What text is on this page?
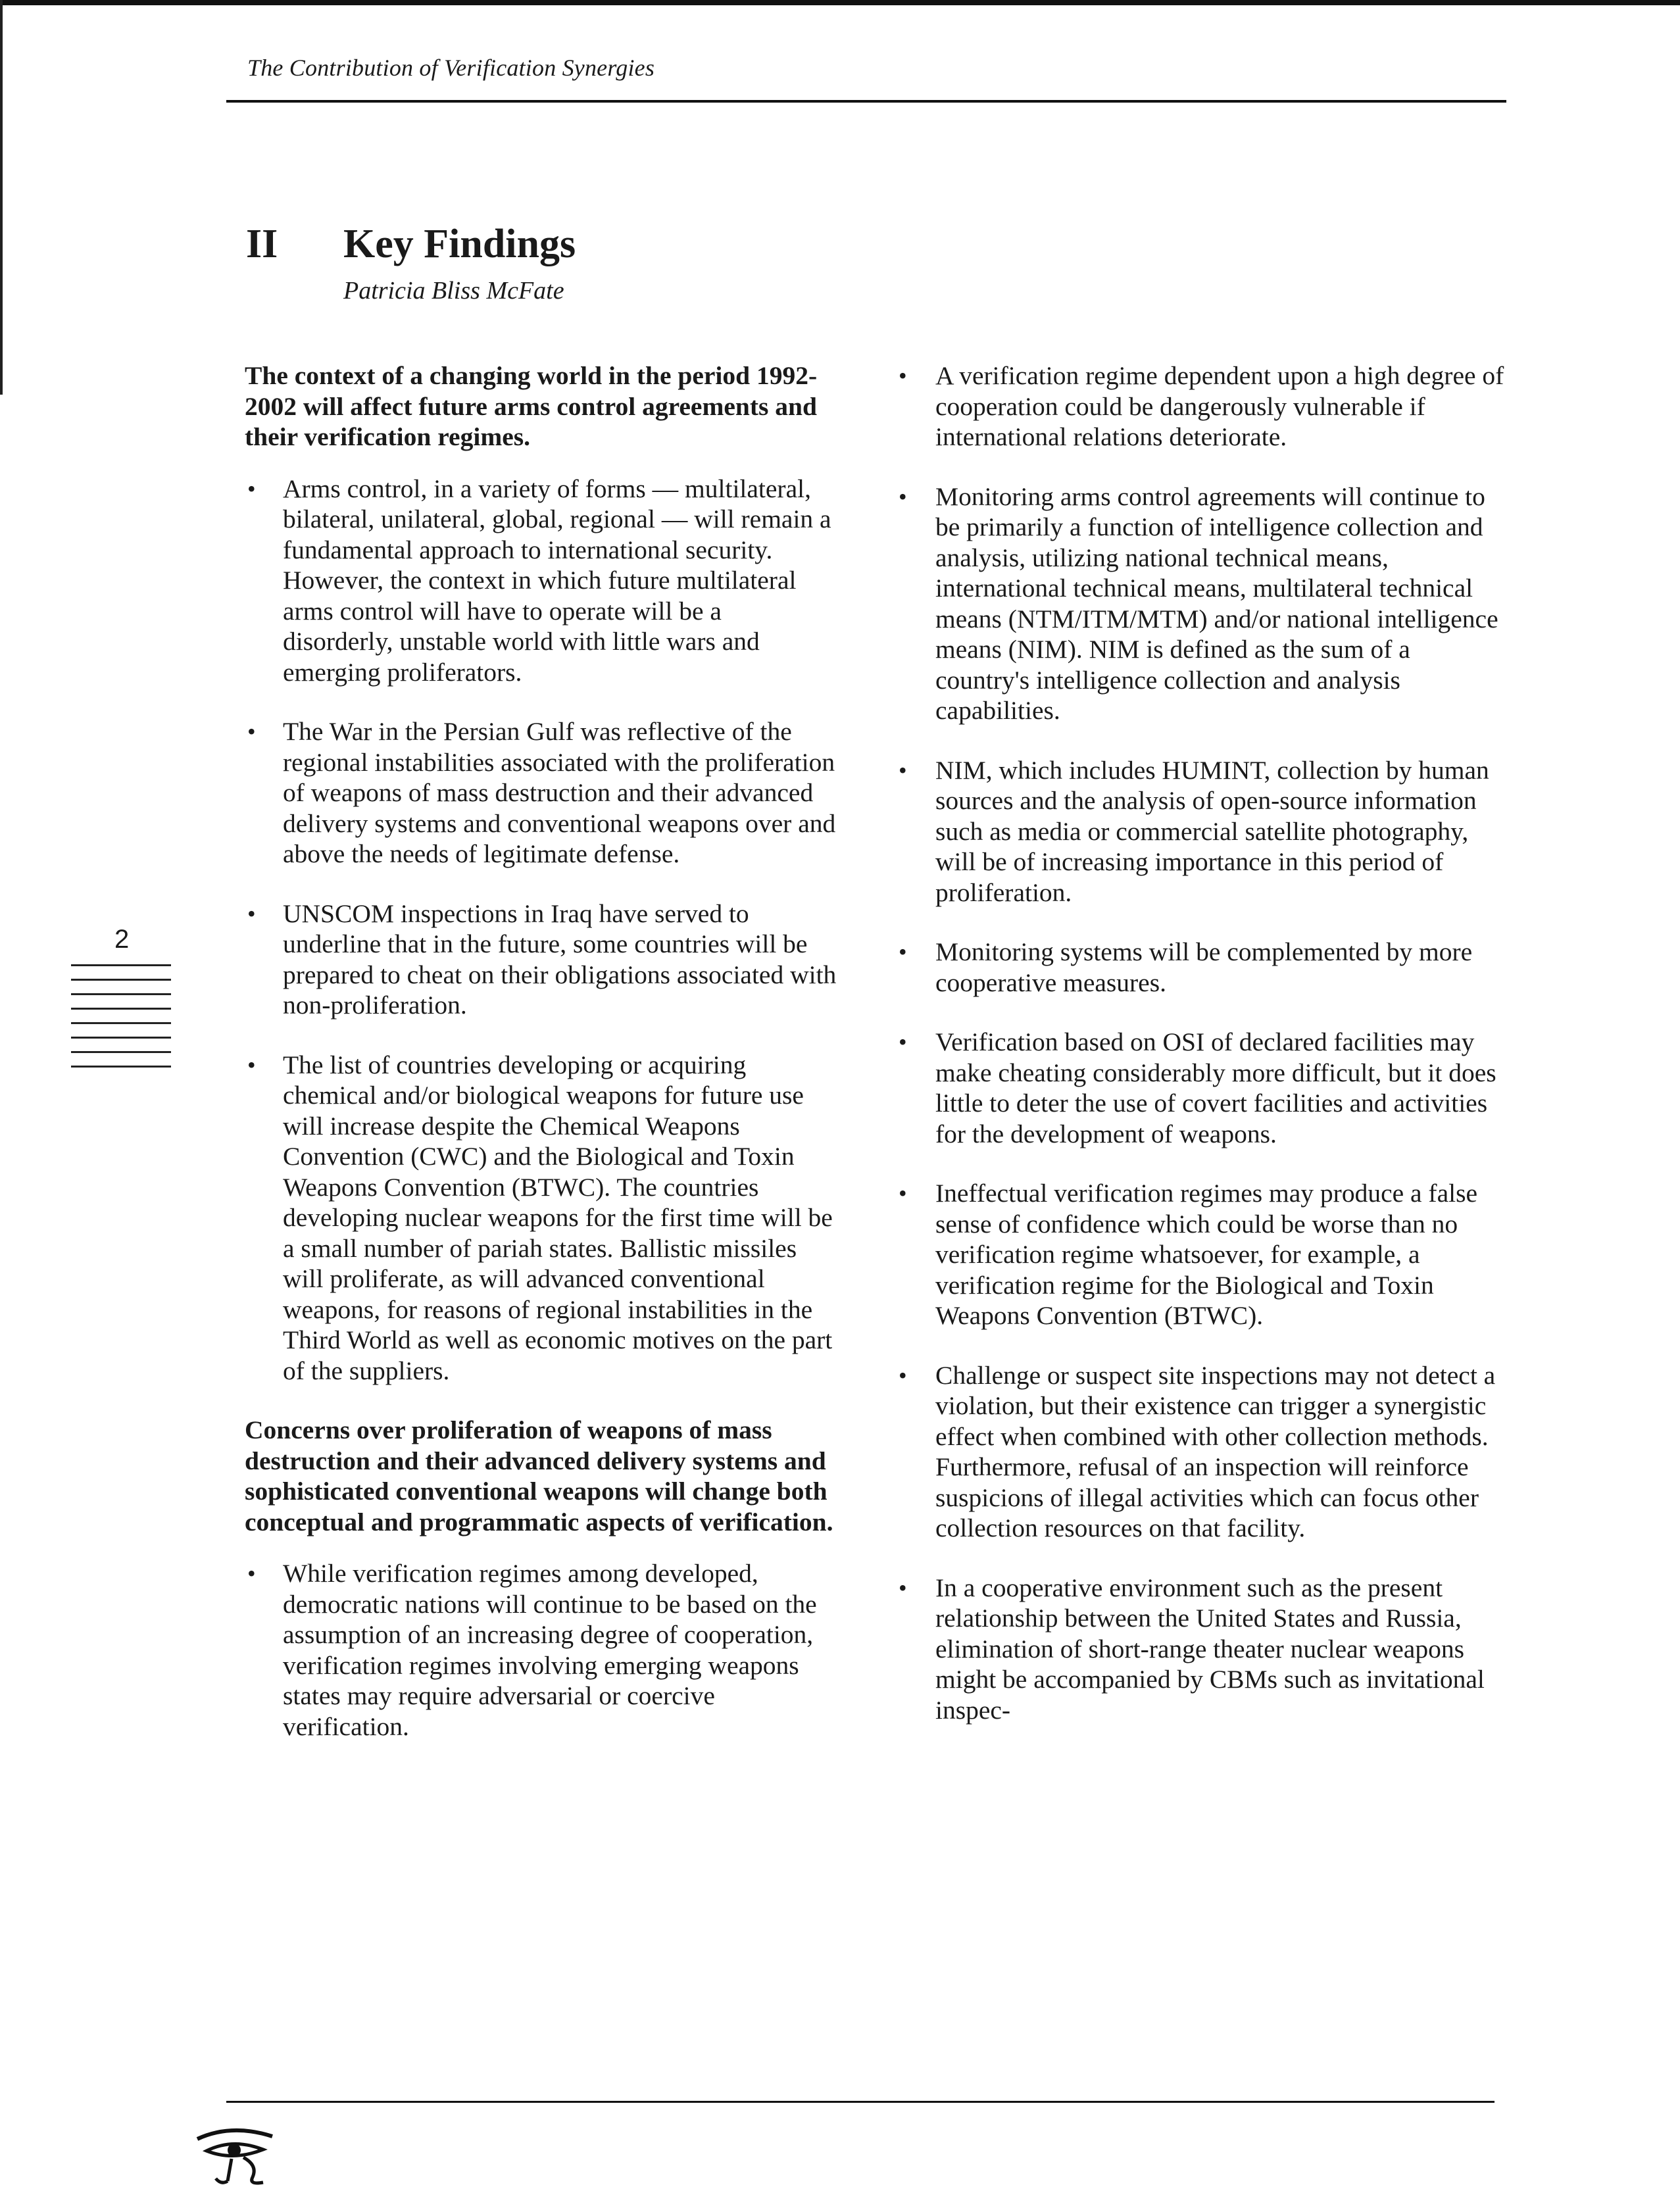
The Contribution of Verification Synergies
II Key Findings
Patricia Bliss McFate

The context of a changing world in the period 1992-2002 will affect future arms control agreements and their verification regimes.

• Arms control, in a variety of forms — multilateral, bilateral, unilateral, global, regional — will remain a fundamental approach to international security. However, the context in which future multilateral arms control will have to operate will be a disorderly, unstable world with little wars and emerging proliferators.
• The War in the Persian Gulf was reflective of the regional instabilities associated with the proliferation of weapons of mass destruction and their advanced delivery systems and conventional weapons over and above the needs of legitimate defense.
• UNSCOM inspections in Iraq have served to underline that in the future, some countries will be prepared to cheat on their obligations associated with non-proliferation.
• The list of countries developing or acquiring chemical and/or biological weapons for future use will increase despite the Chemical Weapons Convention (CWC) and the Biological and Toxin Weapons Convention (BTWC). The countries developing nuclear weapons for the first time will be a small number of pariah states. Ballistic missiles will proliferate, as will advanced conventional weapons, for reasons of regional instabilities in the Third World as well as economic motives on the part of the suppliers.

Concerns over proliferation of weapons of mass destruction and their advanced delivery systems and sophisticated conventional weapons will change both conceptual and programmatic aspects of verification.

• While verification regimes among developed, democratic nations will continue to be based on the assumption of an increasing degree of cooperation, verification regimes involving emerging weapons states may require adversarial or coercive verification.
• A verification regime dependent upon a high degree of cooperation could be dangerously vulnerable if international relations deteriorate.
• Monitoring arms control agreements will continue to be primarily a function of intelligence collection and analysis, utilizing national technical means, international technical means, multilateral technical means (NTM/ITM/MTM) and/or national intelligence means (NIM). NIM is defined as the sum of a country's intelligence collection and analysis capabilities.
• NIM, which includes HUMINT, collection by human sources and the analysis of open-source information such as media or commercial satellite photography, will be of increasing importance in this period of proliferation.
• Monitoring systems will be complemented by more cooperative measures.
• Verification based on OSI of declared facilities may make cheating considerably more difficult, but it does little to deter the use of covert facilities and activities for the development of weapons.
• Ineffectual verification regimes may produce a false sense of confidence which could be worse than no verification regime whatsoever, for example, a verification regime for the Biological and Toxin Weapons Convention (BTWC).
• Challenge or suspect site inspections may not detect a violation, but their existence can trigger a synergistic effect when combined with other collection methods. Furthermore, refusal of an inspection will reinforce suspicions of illegal activities which can focus other collection resources on that facility.
• In a cooperative environment such as the present relationship between the United States and Russia, elimination of short-range theater nuclear weapons might be accompanied by CBMs such as invitational inspec-
2
